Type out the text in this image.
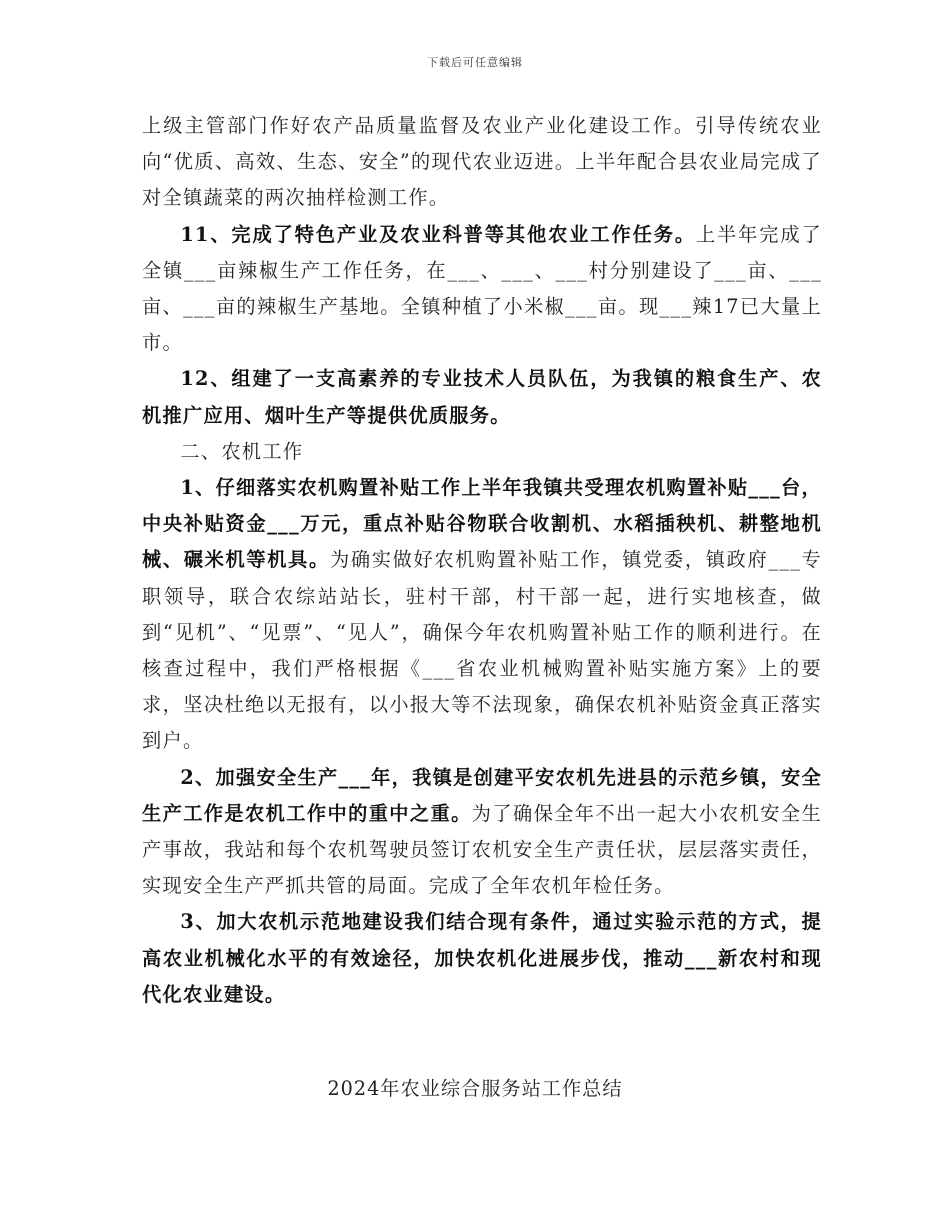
下载后可任意编辑

上级主管部门作好农产品质量监督及农业产业化建设工作。引导传统农业向“优质、高效、生态、安全”的现代农业迈进。上半年配合县农业局完成了对全镇蔬菜的两次抽样检测工作。

11、完成了特色产业及农业科普等其他农业工作任务。上半年完成了全镇___亩辣椒生产工作任务，在___、___、___村分别建设了___亩、___亩、___亩的辣椒生产基地。全镇种植了小米椒___亩。现___辣17已大量上市。

12、组建了一支高素养的专业技术人员队伍，为我镇的粮食生产、农机推广应用、烟叶生产等提供优质服务。

二、农机工作

1、仔细落实农机购置补贴工作上半年我镇共受理农机购置补贴___台，中央补贴资金___万元，重点补贴谷物联合收割机、水稻插秧机、耕整地机械、碾米机等机具。为确实做好农机购置补贴工作，镇党委，镇政府___专职领导，联合农综站站长，驻村干部，村干部一起，进行实地核查，做到“见机”、“见票”、“见人”，确保今年农机购置补贴工作的顺利进行。在核查过程中，我们严格根据《___省农业机械购置补贴实施方案》上的要求，坚决杜绝以无报有，以小报大等不法现象，确保农机补贴资金真正落实到户。

2、加强安全生产___年，我镇是创建平安农机先进县的示范乡镇，安全生产工作是农机工作中的重中之重。为了确保全年不出一起大小农机安全生产事故，我站和每个农机驾驶员签订农机安全生产责任状，层层落实责任，实现安全生产严抓共管的局面。完成了全年农机年检任务。

3、加大农机示范地建设我们结合现有条件，通过实验示范的方式，提高农业机械化水平的有效途径，加快农机化进展步伐，推动___新农村和现代化农业建设。

2024年农业综合服务站工作总结
